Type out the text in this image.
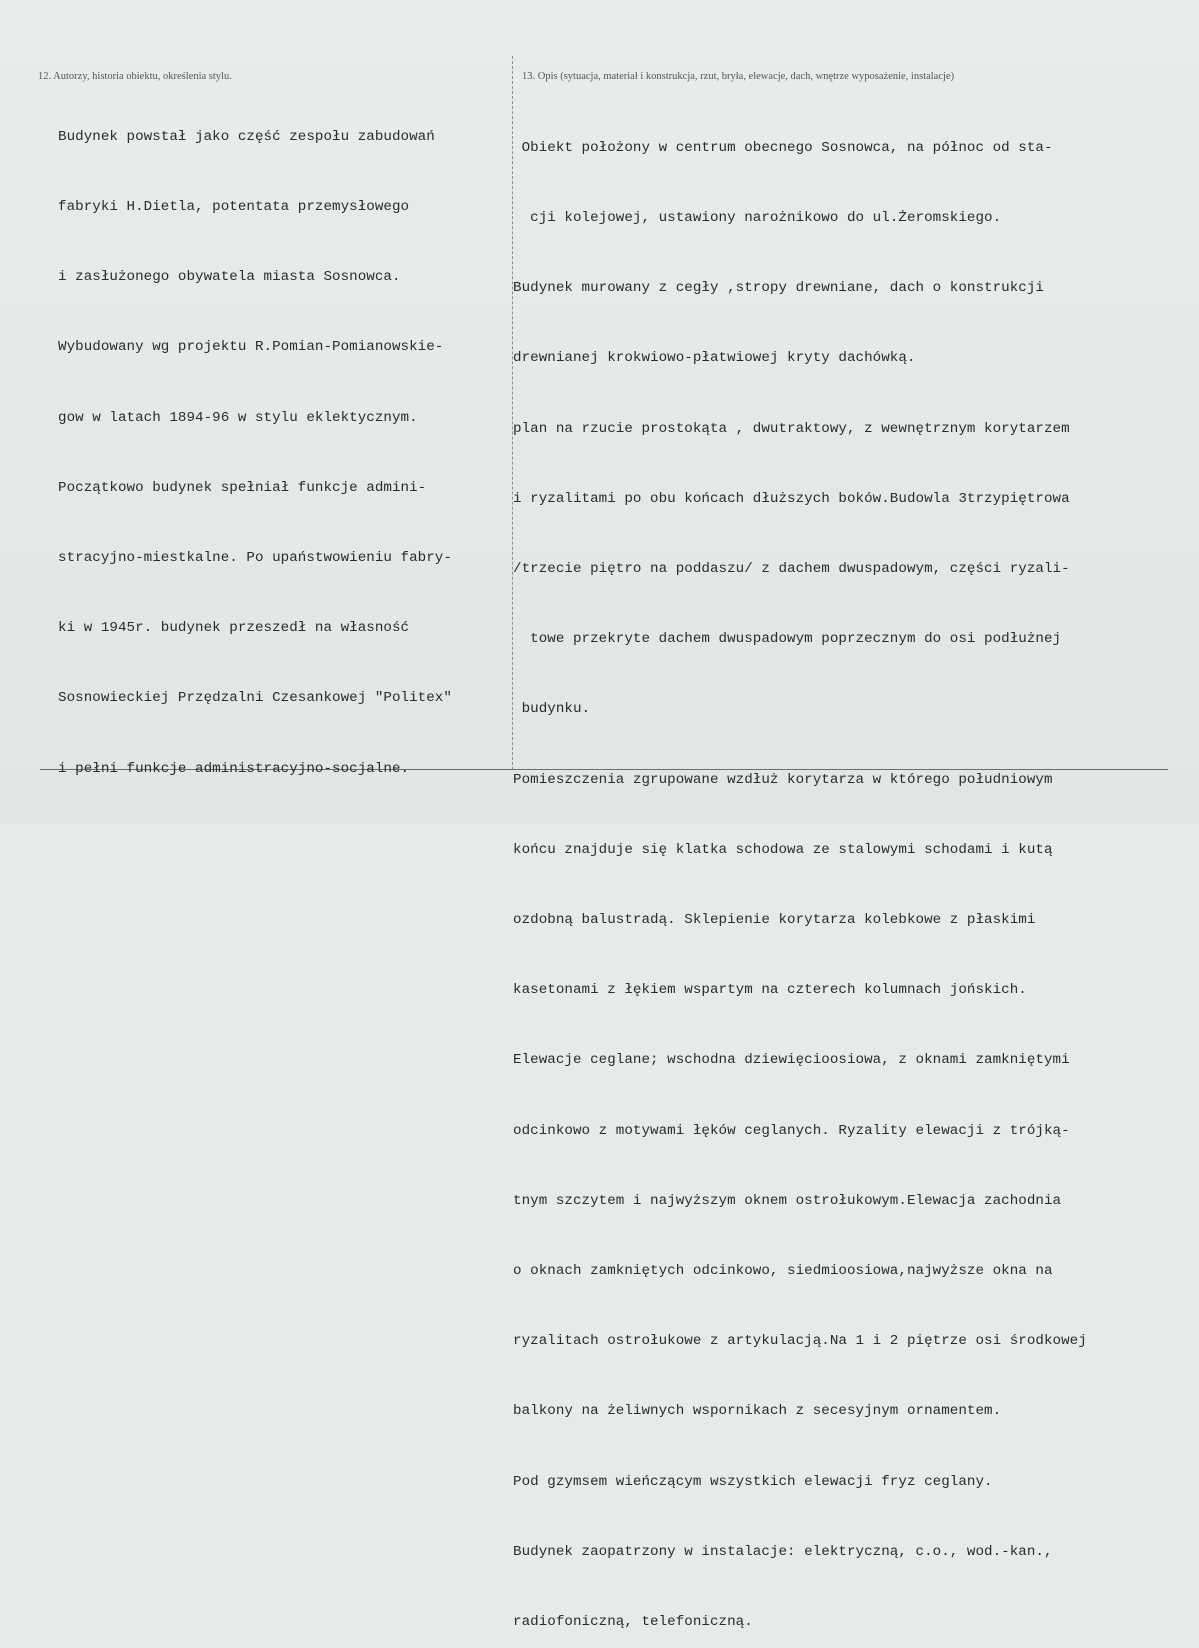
12. Autorzy, historia obiektu, określenia stylu.	13. Opis (sytuacja, materiał i konstrukcja, rzut, bryła, elewacje, dach, wnętrze wyposażenie, instalacje)

Budynek powstał jako część zespołu zabudowań

fabryki H.Dietla, potentata przemysłowego

i zasłużonego obywatela miasta Sosnowca.

Wybudowany wg projektu R.Pomian-Pomianowskie-

gow w latach 1894-96 w stylu eklektycznym.

Początkowo budynek spełniał funkcje admini-

stracyjno-miestkalne. Po upaństwowieniu fabry-

ki w 1945r. budynek przeszedł na własność

Sosnowieckiej Przędzalni Czesankowej "Politex"

i pełni funkcje administracyjno-socjalne.

Obiekt położony w centrum obecnego Sosnowca, na północ od sta-

cji kolejowej, ustawiony narożnikowo do ul.Żeromskiego.

Budynek murowany z cegły ,stropy drewniane, dach o konstrukcji

drewnianej krokwiowo-płatwiowej kryty dachówką.

plan na rzucie prostokąta , dwutraktowy, z wewnętrznym korytarzem

i ryzalitami po obu końcach dłuższych boków.Budowla 3trzypiętrowa

/trzecie piętro na poddaszu/ z dachem dwuspadowym, części ryzali-

towe przekryte dachem dwuspadowym poprzecznym do osi podłużnej

budynku.

Pomieszczenia zgrupowane wzdłuż korytarza w którego południowym

końcu znajduje się klatka schodowa ze stalowymi schodami i kutą

ozdobną balustradą. Sklepienie korytarza kolebkowe z płaskimi

kasetonami z łękiem wspartym na czterech kolumnach jońskich.

Elewacje ceglane; wschodna dziewięcioosiowa, z oknami zamkniętymi

odcinkowo z motywami łęków ceglanych. Ryzality elewacji z trójką-

tnym szczytem i najwyższym oknem ostrołukowym.Elewacja zachodnia

o oknach zamkniętych odcinkowo, siedmioosiowa,najwyższe okna na

ryzalitach ostrołukowe z artykulacją.Na 1 i 2 piętrze osi środkowej

balkony na żeliwnych wspornikach z secesyjnym ornamentem.

Pod gzymsem wieńczącym wszystkich elewacji fryz ceglany.

Budynek zaopatrzony w instalacje: elektryczną, c.o., wod.-kan.,

radiofoniczną, telefoniczną.
